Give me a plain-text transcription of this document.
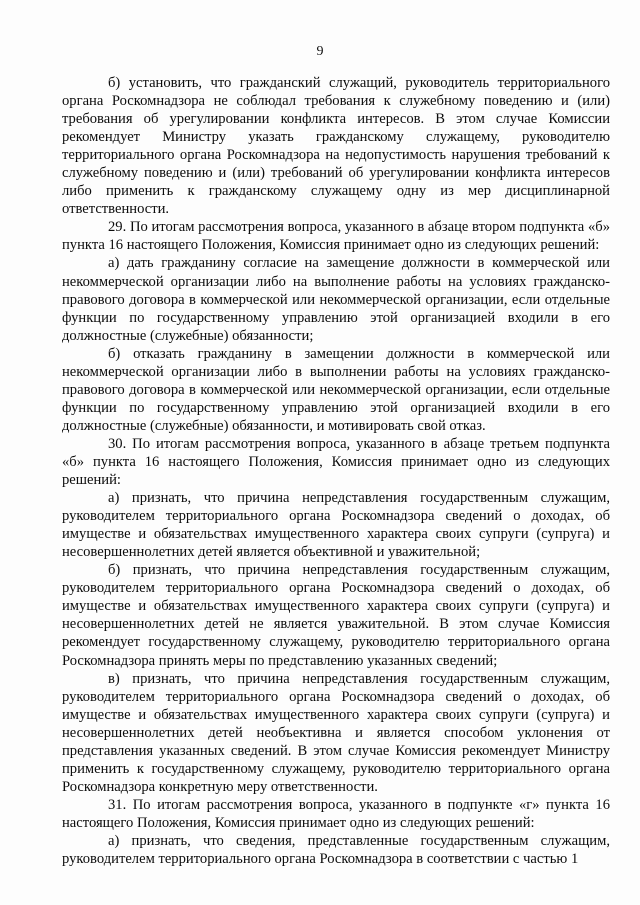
9

б) установить, что гражданский служащий, руководитель территориального органа Роскомнадзора не соблюдал требования к служебному поведению и (или) требования об урегулировании конфликта интересов. В этом случае Комиссии рекомендует Министру указать гражданскому служащему, руководителю территориального органа Роскомнадзора на недопустимость нарушения требований к служебному поведению и (или) требований об урегулировании конфликта интересов либо применить к гражданскому служащему одну из мер дисциплинарной ответственности.

29. По итогам рассмотрения вопроса, указанного в абзаце втором подпункта «б» пункта 16 настоящего Положения, Комиссия принимает одно из следующих решений:

а) дать гражданину согласие на замещение должности в коммерческой или некоммерческой организации либо на выполнение работы на условиях гражданско-правового договора в коммерческой или некоммерческой организации, если отдельные функции по государственному управлению этой организацией входили в его должностные (служебные) обязанности;

б) отказать гражданину в замещении должности в коммерческой или некоммерческой организации либо в выполнении работы на условиях гражданско-правового договора в коммерческой или некоммерческой организации, если отдельные функции по государственному управлению этой организацией входили в его должностные (служебные) обязанности, и мотивировать свой отказ.

30. По итогам рассмотрения вопроса, указанного в абзаце третьем подпункта «б» пункта 16 настоящего Положения, Комиссия принимает одно из следующих решений:

а) признать, что причина непредставления государственным служащим, руководителем территориального органа Роскомнадзора сведений о доходах, об имуществе и обязательствах имущественного характера своих супруги (супруга) и несовершеннолетних детей является объективной и уважительной;

б) признать, что причина непредставления государственным служащим, руководителем территориального органа Роскомнадзора сведений о доходах, об имуществе и обязательствах имущественного характера своих супруги (супруга) и несовершеннолетних детей не является уважительной. В этом случае Комиссия рекомендует государственному служащему, руководителю территориального органа Роскомнадзора принять меры по представлению указанных сведений;

в) признать, что причина непредставления государственным служащим, руководителем территориального органа Роскомнадзора сведений о доходах, об имуществе и обязательствах имущественного характера своих супруги (супруга) и несовершеннолетних детей необъективна и является способом уклонения от представления указанных сведений. В этом случае Комиссия рекомендует Министру применить к государственному служащему, руководителю территориального органа Роскомнадзора конкретную меру ответственности.

31. По итогам рассмотрения вопроса, указанного в подпункте «г» пункта 16 настоящего Положения, Комиссия принимает одно из следующих решений:

а) признать, что сведения, представленные государственным служащим, руководителем территориального органа Роскомнадзора в соответствии с частью 1
